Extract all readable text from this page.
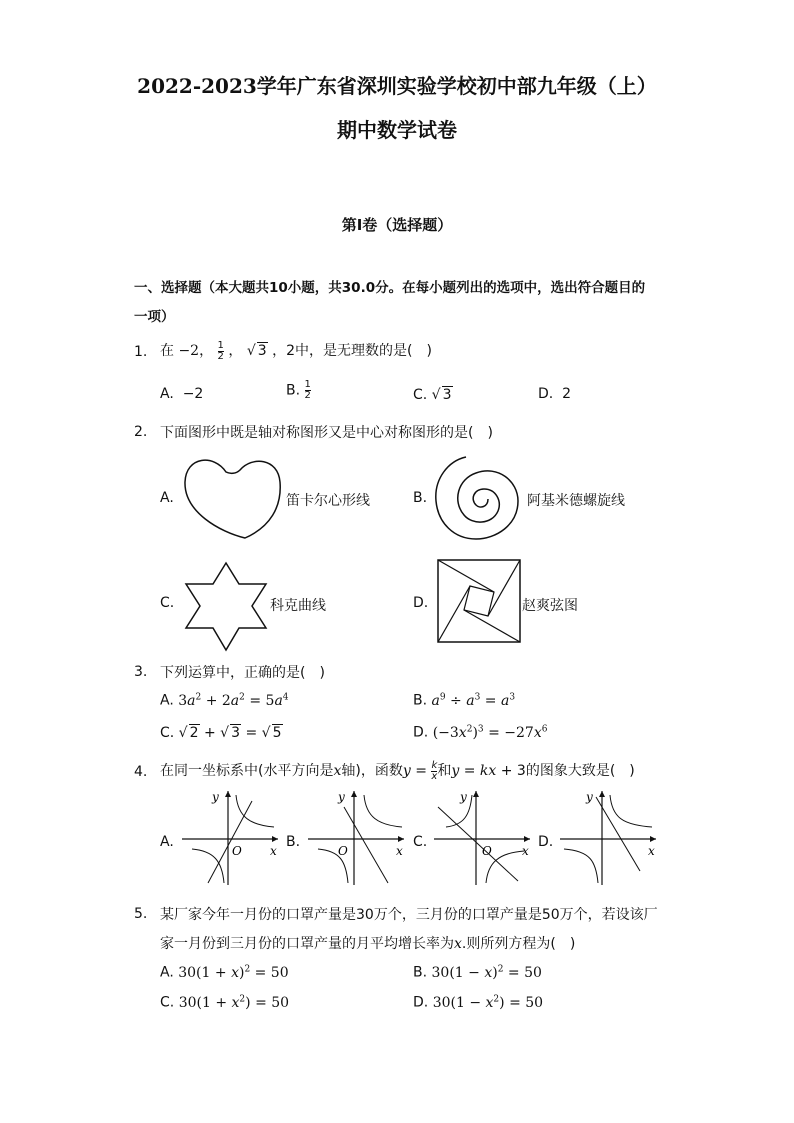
2022-2023学年广东省深圳实验学校初中部九年级（上）
期中数学试卷
第I卷（选择题）
一、选择题（本大题共10小题，共30.0分。在每小题列出的选项中，选出符合题目的
一项）
1. 在 −2， $\frac{1}{2}$ ， √ 3 ，2中，是无理数的是(　)
A. −2	B. $\frac{1}{2}$	C. √ 3	D. 2
2. 下面图形中既是轴对称图形又是中心对称图形的是(　)
A.	笛卡尔心形线	B.	阿基米德螺旋线
C.	科克曲线	D.	赵爽弦图
3. 下列运算中，正确的是(　)
A. $3a^2 + 2a^2 = 5a^4$	B. $a^9 \div a^3 = a^3$
C. √ 2 + √ 3 = √ 5	D. $(-3x^2)^3 = -27x^6$
4. 在同一坐标系中(水平方向是x轴)，函数$y = \frac{k}{x}$ 和y = kx + 3的图象大致是(　)
A.
y
x
O
B.
y
x
O
C.
y
x
O
D.
y
x
5. 某厂家今年一月份的口罩产量是30万个，三月份的口罩产量是50万个，若设该厂
家一月份到三月份的口罩产量的月平均增长率为x.则所列方程为(　)
A. $30(1 + x)^2 = 50$	B. $30(1 - x)^2 = 50$
C. $30(1 + x^2) = 50$	D. $30(1 - x^2) = 50$
